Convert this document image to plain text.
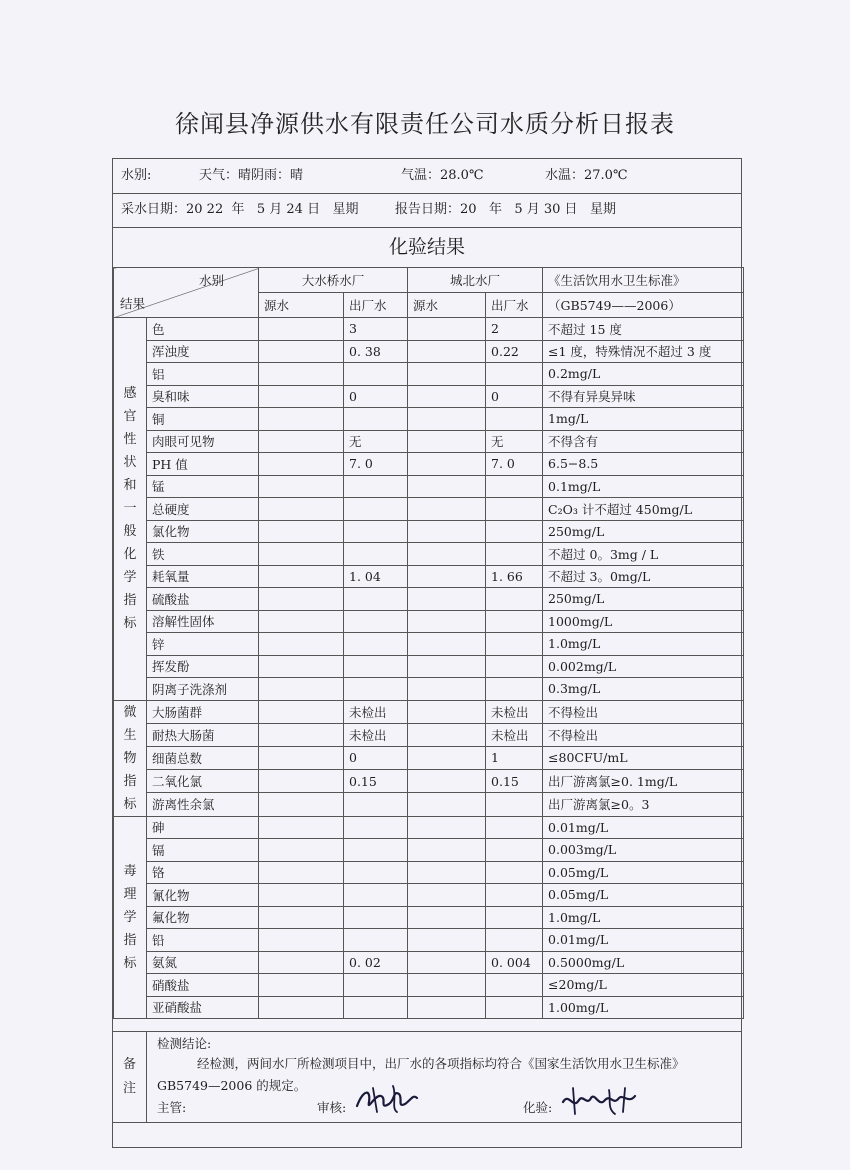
徐闻县净源供水有限责任公司水质分析日报表
水别:	天气：晴阴雨：晴	气温：28.0℃	水温：27.0℃
采水日期：20 22  年   5 月 24 日   星期	报告日期：20   年   5 月 30 日   星期
化验结果
水别
结果		大水桥水厂		城北水厂		《生活饮用水卫生标准》
		源水	出厂水	源水	出厂水	（GB5749——2006）

感官性状和一般化学指标	色		3		2	不超过 15 度
	浑浊度		0. 38		0.22	≤1 度，特殊情况不超过 3 度
	铝					0.2mg/L
	臭和味		0		0	不得有异臭异味
	铜					1mg/L
	肉眼可见物		无		无	不得含有
	PH 值		7. 0		7. 0	6.5−8.5
	锰					0.1mg/L
	总硬度					C₂O₃ 计不超过 450mg/L
	氯化物					250mg/L
	铁					不超过 0。3mg / L
	耗氧量		1. 04		1. 66	不超过 3。0mg/L
	硫酸盐					250mg/L
	溶解性固体					1000mg/L
	锌					1.0mg/L
	挥发酚					0.002mg/L
	阴离子洗涤剂					0.3mg/L

微生物指标	大肠菌群		未检出		未检出	不得检出
	耐热大肠菌		未检出		未检出	不得检出
	细菌总数		0		1	≤80CFU/mL
	二氧化氯		0.15		0.15	出厂游离氯≥0. 1mg/L
	游离性余氯					出厂游离氯≥0。3

毒理学指标	砷					0.01mg/L
	镉					0.003mg/L
	铬					0.05mg/L
	氰化物					0.05mg/L
	氟化物					1.0mg/L
	铅					0.01mg/L
	氨氮		0. 02		0. 004	0.5000mg/L
	硝酸盐					≤20mg/L
	亚硝酸盐					1.00mg/L
备注
检测结论:
经检测，两间水厂所检测项目中，出厂水的各项指标均符合《国家生活饮用水卫生标准》
GB5749—2006 的规定。
主管:	审核:	化验:
